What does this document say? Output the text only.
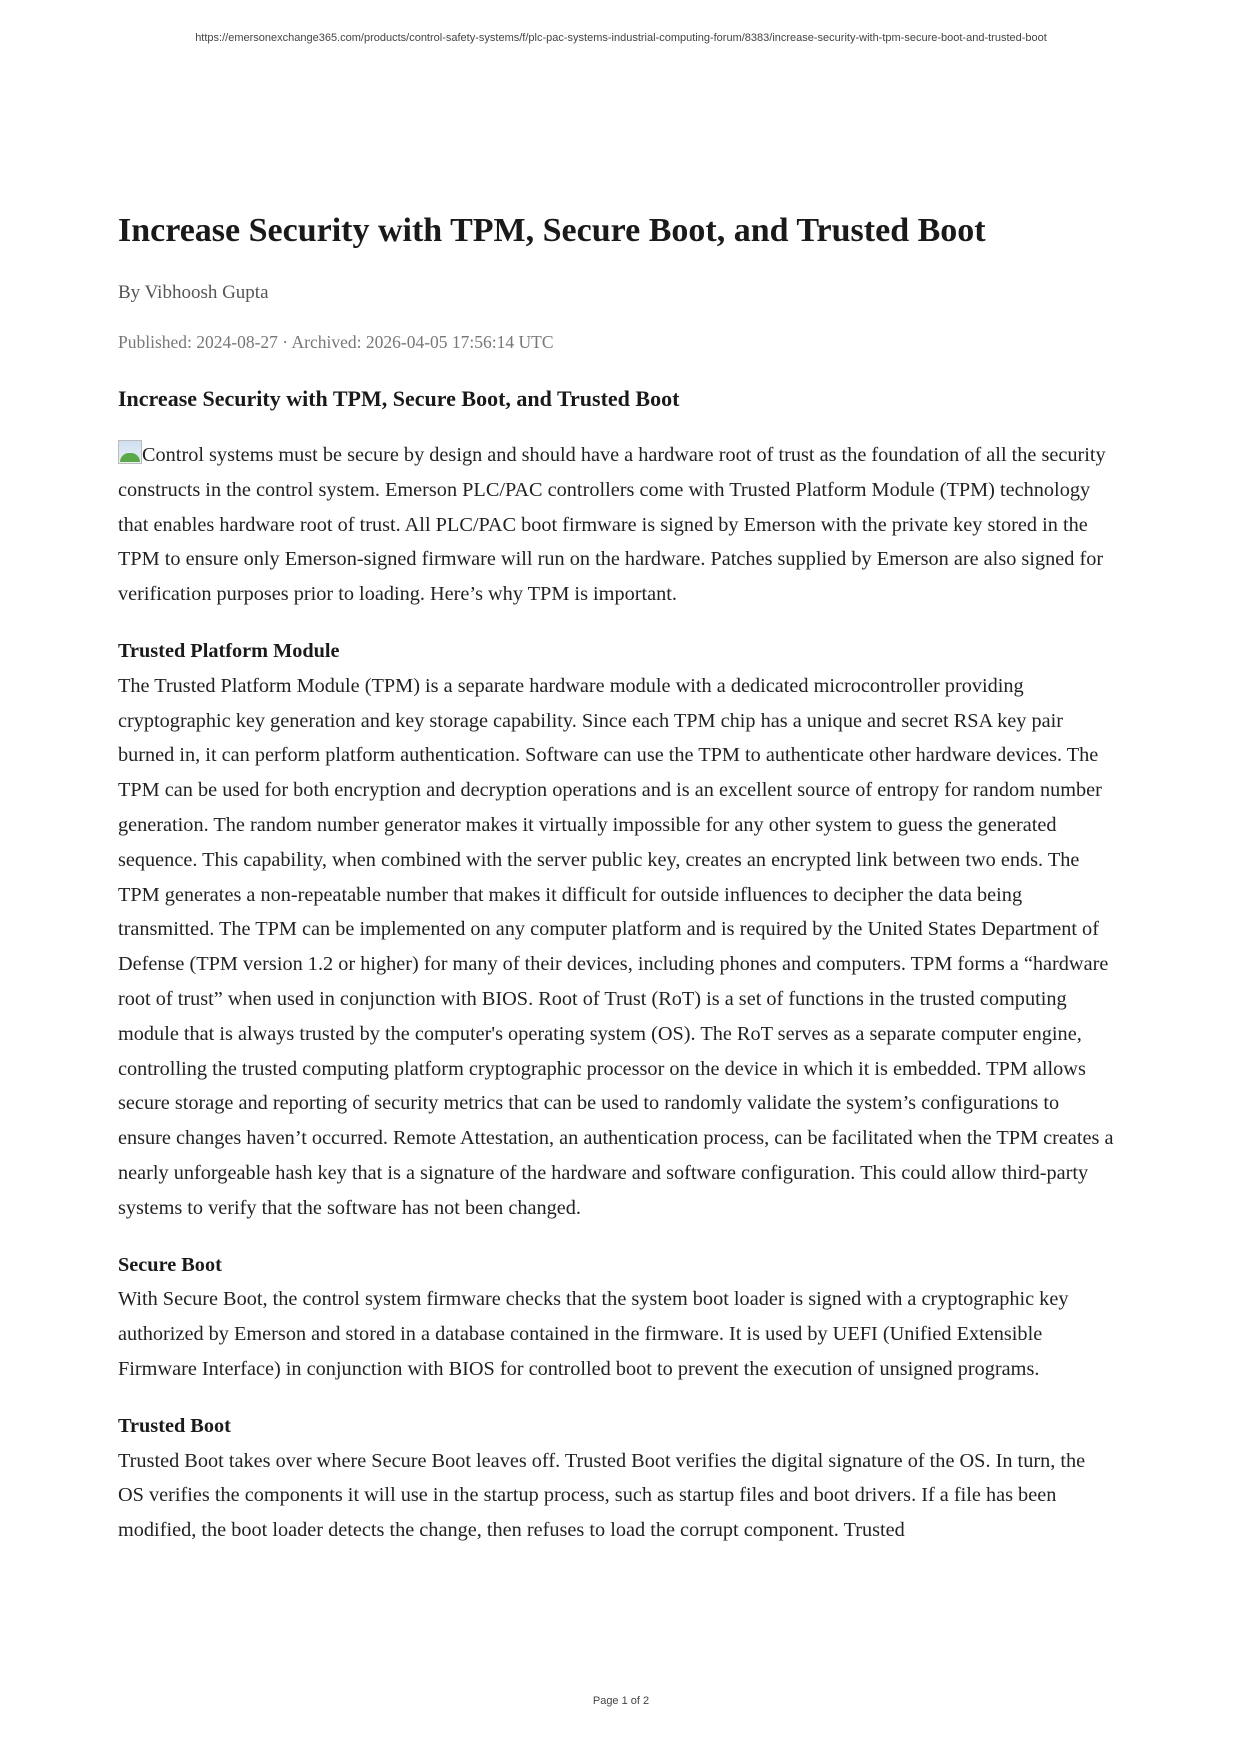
https://emersonexchange365.com/products/control-safety-systems/f/plc-pac-systems-industrial-computing-forum/8383/increase-security-with-tpm-secure-boot-and-trusted-boot
Increase Security with TPM, Secure Boot, and Trusted Boot
By Vibhoosh Gupta
Published: 2024-08-27 · Archived: 2026-04-05 17:56:14 UTC
Increase Security with TPM, Secure Boot, and Trusted Boot

Control systems must be secure by design and should have a hardware root of trust as the foundation of all the security constructs in the control system. Emerson PLC/PAC controllers come with Trusted Platform Module (TPM) technology that enables hardware root of trust. All PLC/PAC boot firmware is signed by Emerson with the private key stored in the TPM to ensure only Emerson-signed firmware will run on the hardware. Patches supplied by Emerson are also signed for verification purposes prior to loading. Here’s why TPM is important.

Trusted Platform Module

The Trusted Platform Module (TPM) is a separate hardware module with a dedicated microcontroller providing cryptographic key generation and key storage capability. Since each TPM chip has a unique and secret RSA key pair burned in, it can perform platform authentication. Software can use the TPM to authenticate other hardware devices. The TPM can be used for both encryption and decryption operations and is an excellent source of entropy for random number generation. The random number generator makes it virtually impossible for any other system to guess the generated sequence. This capability, when combined with the server public key, creates an encrypted link between two ends. The TPM generates a non-repeatable number that makes it difficult for outside influences to decipher the data being transmitted. The TPM can be implemented on any computer platform and is required by the United States Department of Defense (TPM version 1.2 or higher) for many of their devices, including phones and computers. TPM forms a “hardware root of trust” when used in conjunction with BIOS. Root of Trust (RoT) is a set of functions in the trusted computing module that is always trusted by the computer's operating system (OS). The RoT serves as a separate computer engine, controlling the trusted computing platform cryptographic processor on the device in which it is embedded. TPM allows secure storage and reporting of security metrics that can be used to randomly validate the system’s configurations to ensure changes haven’t occurred. Remote Attestation, an authentication process, can be facilitated when the TPM creates a nearly unforgeable hash key that is a signature of the hardware and software configuration. This could allow third-party systems to verify that the software has not been changed.

Secure Boot

With Secure Boot, the control system firmware checks that the system boot loader is signed with a cryptographic key authorized by Emerson and stored in a database contained in the firmware. It is used by UEFI (Unified Extensible Firmware Interface) in conjunction with BIOS for controlled boot to prevent the execution of unsigned programs.

Trusted Boot

Trusted Boot takes over where Secure Boot leaves off. Trusted Boot verifies the digital signature of the OS. In turn, the OS verifies the components it will use in the startup process, such as startup files and boot drivers. If a file has been modified, the boot loader detects the change, then refuses to load the corrupt component. Trusted

Page 1 of 2
